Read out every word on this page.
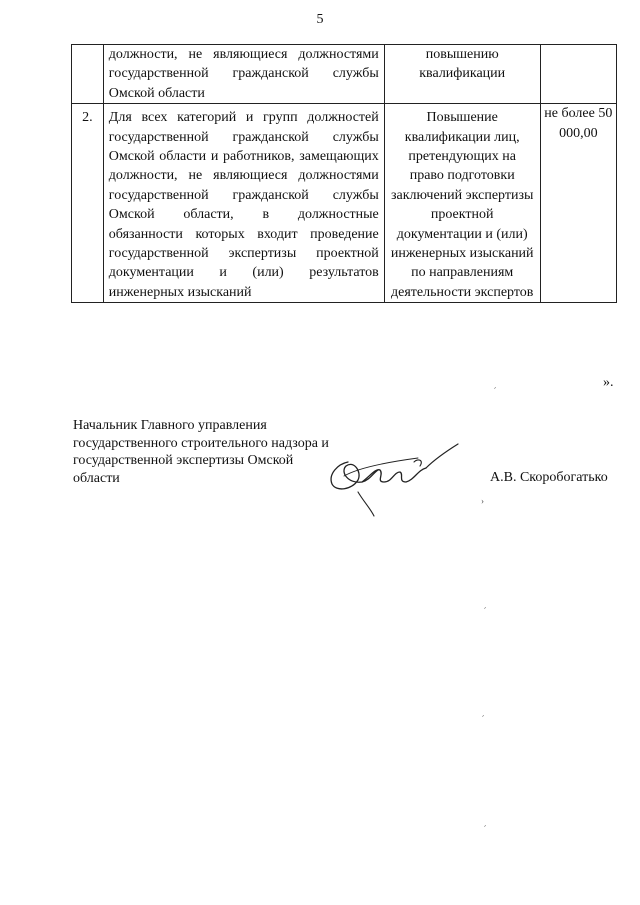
5
	должности, не являющиеся должностями государственной гражданской службы Омской области	повышению квалификации	
2.	Для всех категорий и групп должностей государственной гражданской службы Омской области и работников, замещающих должности, не являющиеся должностями государственной гражданской службы Омской области, в должностные обязанности которых входит проведение государственной экспертизы проектной документации и (или) результатов инженерных изысканий	Повышение квалификации лиц, претендующих на право подготовки заключений экспертизы проектной документации и (или) инженерных изысканий по направлениям деятельности экспертов	не более 50 000,00
».
Начальник Главного управления государственного строительного надзора и государственной экспертизы Омской области	А.В. Скоробогатько
׳
›
׳
׳
׳
